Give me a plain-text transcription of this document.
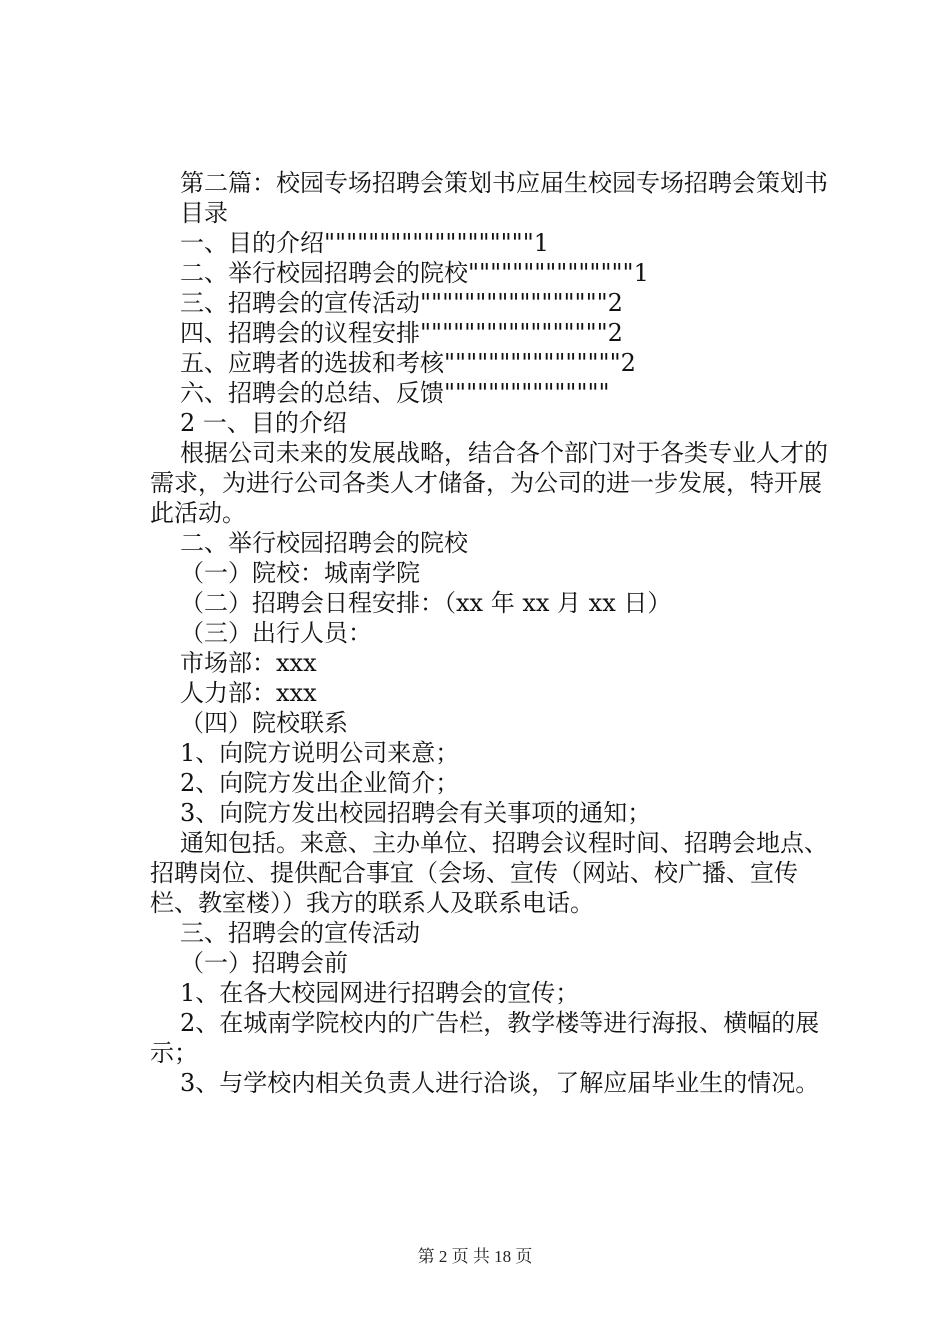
第二篇：校园专场招聘会策划书应届生校园专场招聘会策划书

目录

一、目的介绍"""""""""""""""""""1

二、举行校园招聘会的院校"""""""""""""""1

三、招聘会的宣传活动"""""""""""""""""2

四、招聘会的议程安排"""""""""""""""""2

五、应聘者的选拔和考核""""""""""""""""2

六、招聘会的总结、反馈"""""""""""""""

2 一、目的介绍

根据公司未来的发展战略，结合各个部门对于各类专业人才的需求，为进行公司各类人才储备，为公司的进一步发展，特开展此活动。

二、举行校园招聘会的院校

（一）院校：城南学院

（二）招聘会日程安排：（xx 年 xx 月 xx 日）

（三）出行人员：

市场部：xxx

人力部：xxx

（四）院校联系

1、向院方说明公司来意；

2、向院方发出企业简介；

3、向院方发出校园招聘会有关事项的通知；

通知包括。来意、主办单位、招聘会议程时间、招聘会地点、招聘岗位、提供配合事宜（会场、宣传（网站、校广播、宣传栏、教室楼））我方的联系人及联系电话。

三、招聘会的宣传活动

（一）招聘会前

1、在各大校园网进行招聘会的宣传；

2、在城南学院校内的广告栏，教学楼等进行海报、横幅的展示；

3、与学校内相关负责人进行洽谈，了解应届毕业生的情况。

第 2 页 共 18 页
